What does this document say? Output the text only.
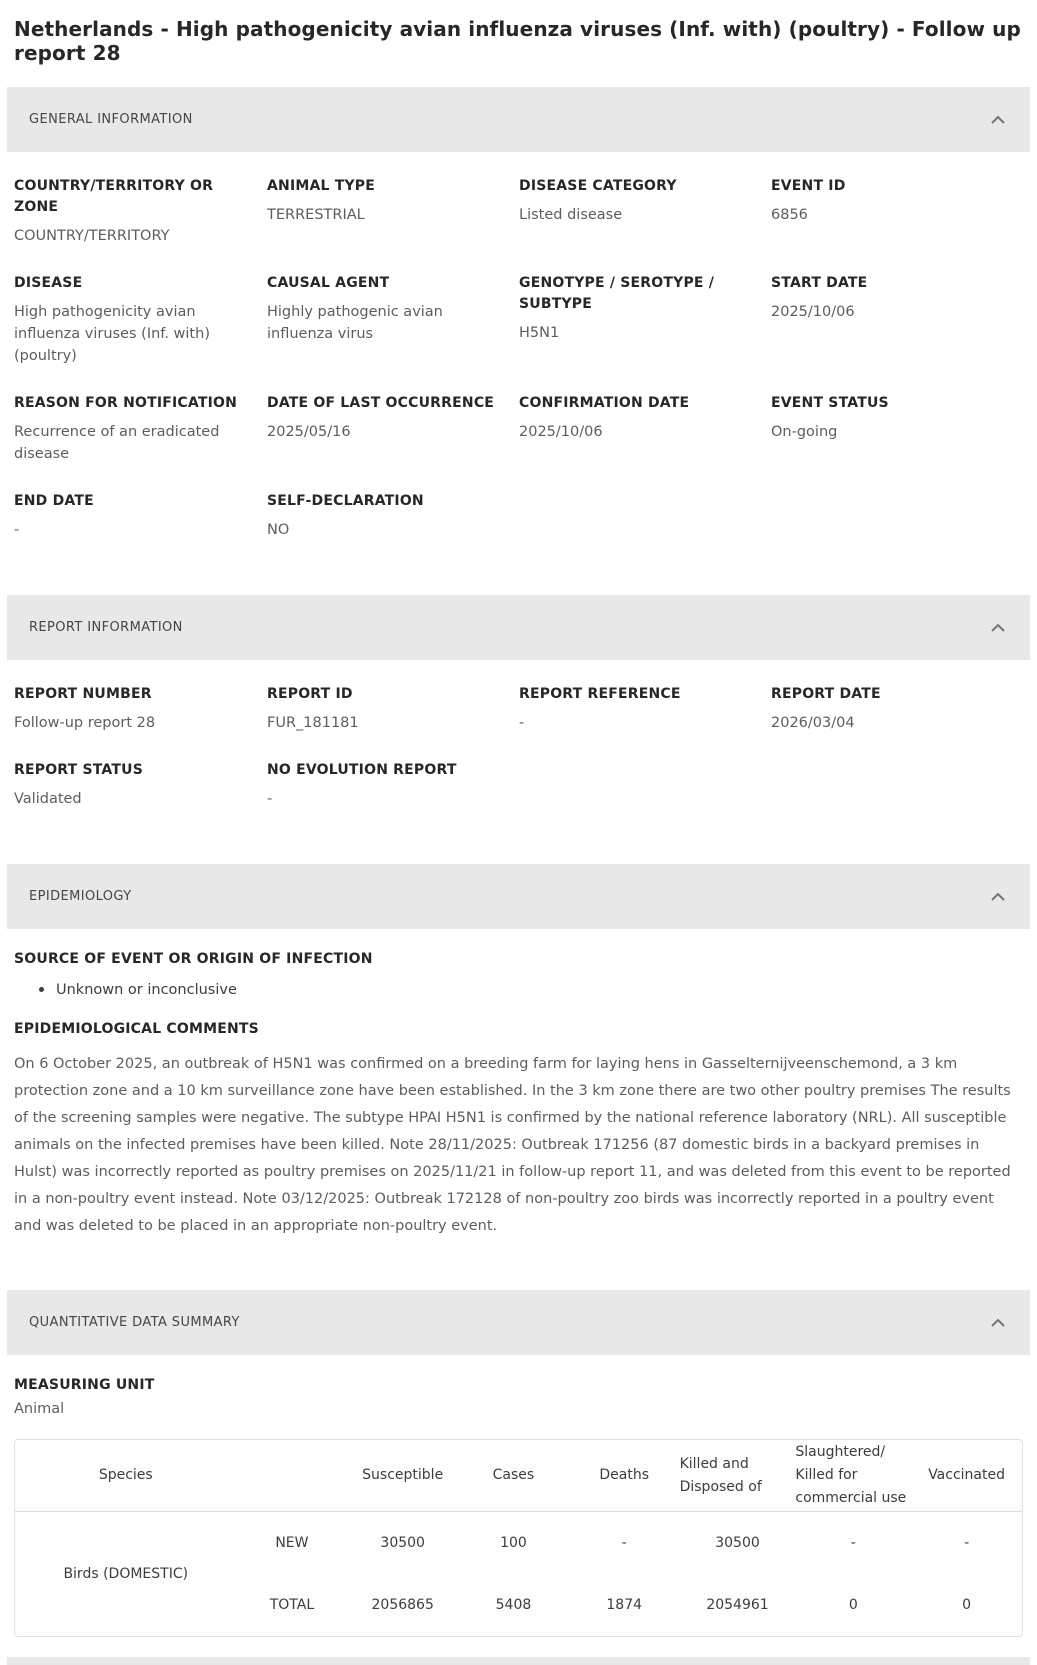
Netherlands - High pathogenicity avian influenza viruses (Inf. with) (poultry) - Follow up report 28
GENERAL INFORMATION
COUNTRY/TERRITORY OR ZONE
COUNTRY/TERRITORY
ANIMAL TYPE
TERRESTRIAL
DISEASE CATEGORY
Listed disease
EVENT ID
6856
DISEASE
High pathogenicity avian influenza viruses (Inf. with) (poultry)
CAUSAL AGENT
Highly pathogenic avian influenza virus
GENOTYPE / SEROTYPE / SUBTYPE
H5N1
START DATE
2025/10/06
REASON FOR NOTIFICATION
Recurrence of an eradicated disease
DATE OF LAST OCCURRENCE
2025/05/16
CONFIRMATION DATE
2025/10/06
EVENT STATUS
On-going
END DATE
-
SELF-DECLARATION
NO
REPORT INFORMATION
REPORT NUMBER
Follow-up report 28
REPORT ID
FUR_181181
REPORT REFERENCE
-
REPORT DATE
2026/03/04
REPORT STATUS
Validated
NO EVOLUTION REPORT
-
EPIDEMIOLOGY
SOURCE OF EVENT OR ORIGIN OF INFECTION
Unknown or inconclusive
EPIDEMIOLOGICAL COMMENTS

On 6 October 2025, an outbreak of H5N1 was confirmed on a breeding farm for laying hens in Gasselternijveenschemond, a 3 km protection zone and a 10 km surveillance zone have been established. In the 3 km zone there are two other poultry premises The results of the screening samples were negative. The subtype HPAI H5N1 is confirmed by the national reference laboratory (NRL). All susceptible animals on the infected premises have been killed. Note 28/11/2025: Outbreak 171256 (87 domestic birds in a backyard premises in Hulst) was incorrectly reported as poultry premises on 2025/11/21 in follow-up report 11, and was deleted from this event to be reported in a non-poultry event instead. Note 03/12/2025: Outbreak 172128 of non-poultry zoo birds was incorrectly reported in a poultry event and was deleted to be placed in an appropriate non-poultry event.

QUANTITATIVE DATA SUMMARY
MEASURING UNIT
Animal
Species		Susceptible	Cases	Deaths	Killed and Disposed of	Slaughtered/ Killed for commercial use	Vaccinated

Birds (DOMESTIC)	NEW	30500	100	-	30500	-	-
	TOTAL	2056865	5408	1874	2054961	0	0
